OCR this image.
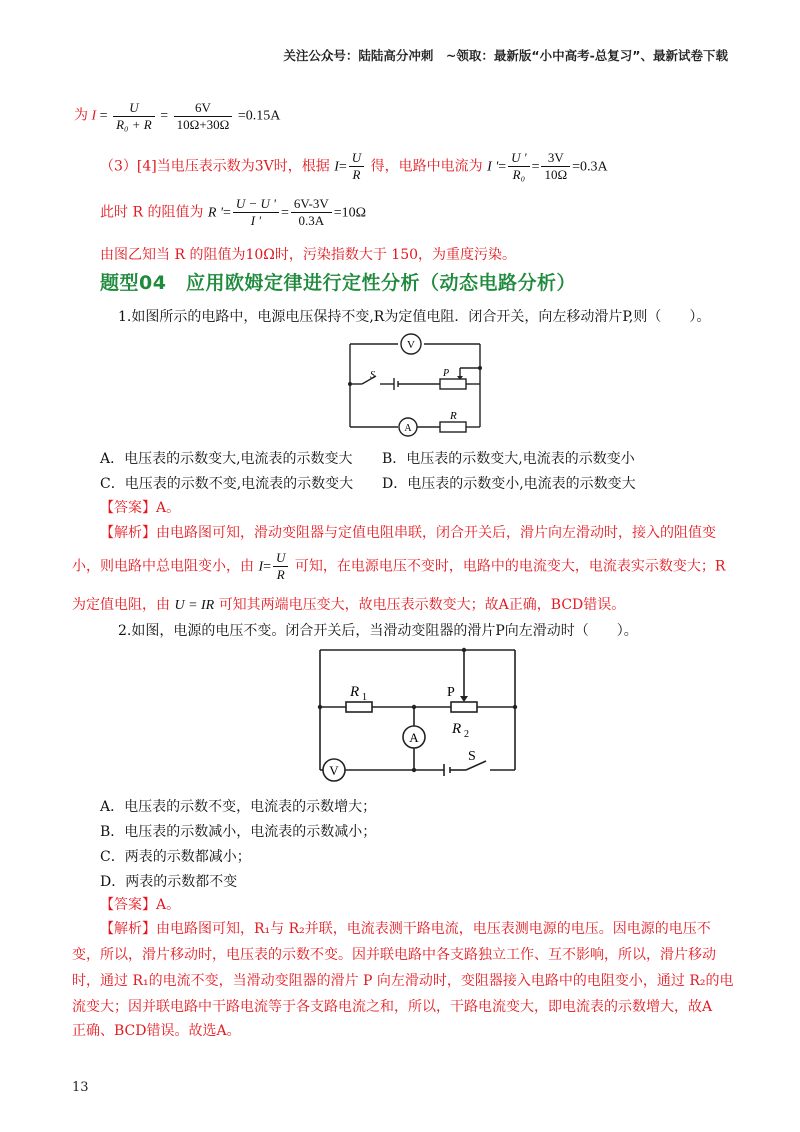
关注公众号：陆陆高分冲刺　~领取：最新版“小中高考-总复习”、最新试卷下载
为 $I = \frac{U}{\text{R₀ + R}} = \frac{6V}{10\Omega+30\Omega} =0.15A$
（3）[4]当电压表示数为3V时，根据 $I= \frac{U}{R}$ 得，电路中电流为 I '= $\frac{U '}{\text{R₀}} = \frac{3V}{10\Omega} =0.3A$
此时 R 的阻值为 R '= $\frac{U - U '}{I '} = \frac{6V-3V}{0.3A} =10\Omega$
由图乙知当 R 的阻值为10Ω时，污染指数大于 150，为重度污染。
题型04　应用欧姆定律进行定性分析（动态电路分析）
1.如图所示的电路中，电源电压保持不变,R为定值电阻．闭合开关，向左移动滑片P,则（　　）。
V
A
S	P
R
A．电压表的示数变大,电流表的示数变大 B．电压表的示数变大,电流表的示数变小
C．电压表的示数不变,电流表的示数变大 D．电压表的示数变小,电流表的示数变大
【答案】A。
【解析】由电路图可知，滑动变阻器与定值电阻串联，闭合开关后，滑片向左滑动时，接入的阻值变
小，则电路中总电阻变小，由 $I= \frac{U}{R}$ 可知，在电源电压不变时，电路中的电流变大，电流表实示数变大；R
为定值电阻，由 U = IR 可知其两端电压变大，故电压表示数变大；故A正确，BCD错误。
2.如图，电源的电压不变。闭合开关后，当滑动变阻器的滑片P向左滑动时（　　）。
R 1
R 2
P
A
V
S
A．电压表的示数不变，电流表的示数增大；
B．电压表的示数减小，电流表的示数减小；
C．两表的示数都减小；
D．两表的示数都不变
【答案】A。
【解析】由电路图可知，R₁与 R₂并联，电流表测干路电流，电压表测电源的电压。因电源的电压不
变，所以，滑片移动时，电压表的示数不变。因并联电路中各支路独立工作、互不影响，所以，滑片移动
时，通过 R₁的电流不变，当滑动变阻器的滑片 P 向左滑动时，变阻器接入电路中的电阻变小，通过 R₂的电
流变大；因并联电路中干路电流等于各支路电流之和，所以，干路电流变大，即电流表的示数增大，故A
正确、BCD错误。故选A。
13
